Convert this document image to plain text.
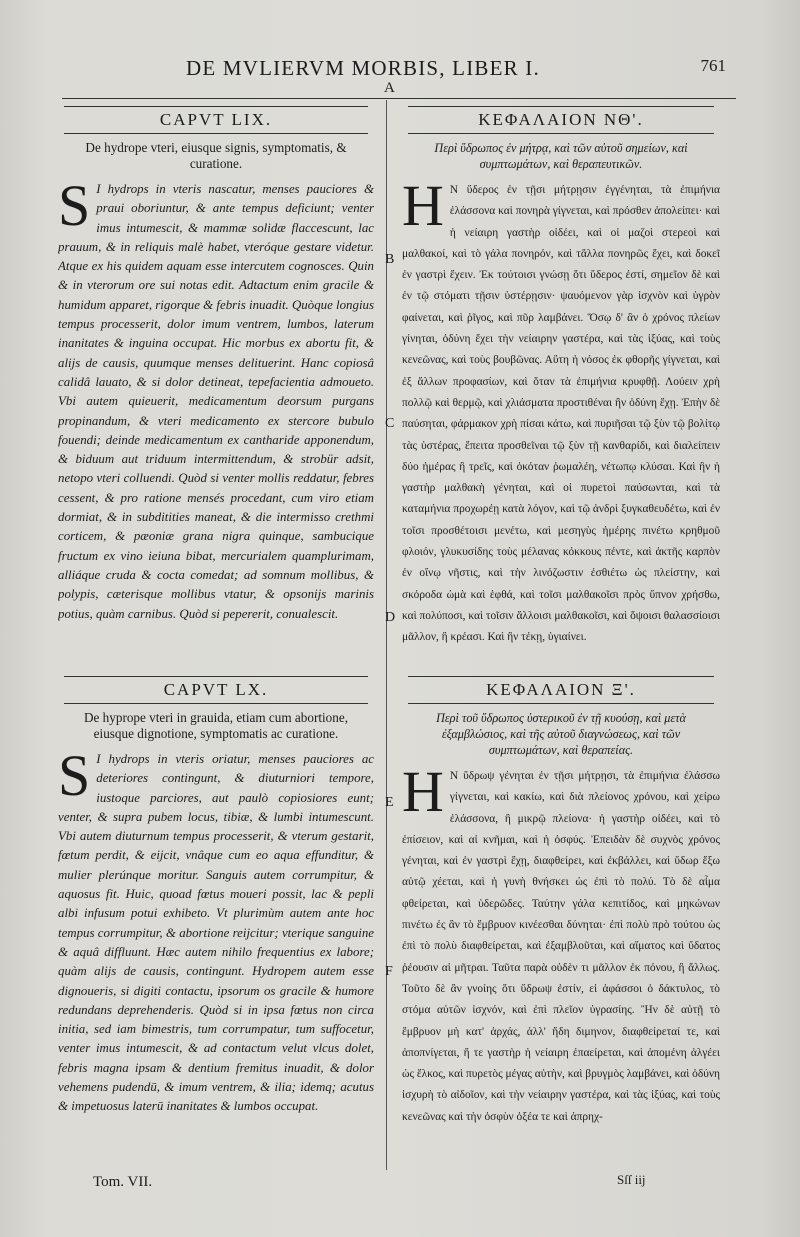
DE MVLIERVM MORBIS, LIBER I.	761
A
CAPVT LIX.
De hydrope vteri, eiusque signis, symptomatis, & curatione.

S I hydrops in vteris nascatur, menses pauciores & praui oboriuntur, & ante tempus deficiunt; venter imus intumescit, & mammæ solidæ flaccescunt, lac prauum, & in reliquis malè habet, vteróque gestare videtur. Atque ex his quidem aquam esse intercutem cognosces. Quin & in vterorum ore sui notas edit. Adtactum enim gracile & humidum apparet, rigorque & febris inuadit. Quòque longius tempus processerit, dolor imum ventrem, lumbos, laterum inanitates & inguina occupat. Hic morbus ex abortu fit, & alijs de causis, quumque menses delituerint. Hanc copiosâ calidâ lauato, & si dolor detineat, tepefacientia admoueto. Vbi autem quieuerit, medicamentum deorsum purgans propinandum, & vteri medicamento ex stercore bubulo fouendi; deinde medicamentum ex cantharide apponendum, & biduum aut triduum intermittendum, & strobür adsit, netopo vteri colluendi. Quòd si venter mollis reddatur, febres cessent, & pro ratione mensés procedant, cum viro etiam dormiat, & in subditities maneat, & die intermisso crethmi corticem, & pæoniæ grana nigra quinque, sambucique fructum ex vino ieiuna bibat, mercurialem quamplurimam, alliáque cruda & cocta comedat; ad somnum mollibus, & polypis, cæterisque mollibus vtatur, & opsonijs marinis potius, quàm carnibus. Quòd si pepererit, conualescit.

CAPVT LX.
De hyprope vteri in grauida, etiam cum abortione, eiusque dignotione, symptomatis ac curatione.

S I hydrops in vteris oriatur, menses pauciores ac deteriores contingunt, & diuturniori tempore, iustoque parciores, aut paulò copiosiores eunt; venter, & supra pubem locus, tibiæ, & lumbi intumescunt. Vbi autem diuturnum tempus processerit, & vterum gestarit, fœtum perdit, & eijcit, vnâque cum eo aqua effunditur, & mulier plerúnque moritur. Sanguis autem corrumpitur, & aquosus fit. Huic, quoad fœtus moueri possit, lac & pepli albi infusum potui exhibeto. Vt plurimùm autem ante hoc tempus corrumpitur, & abortione reijcitur; vterique sanguine & aquâ diffluunt. Hæc autem nihilo frequentius ex labore; quàm alijs de causis, contingunt. Hydropem autem esse dignoueris, si digiti contactu, ipsorum os gracile & humore redundans deprehenderis. Quòd si in ipsa fœtus non circa initia, sed iam bimestris, tum corrumpatur, tum suffocetur, venter imus intumescit, & ad contactum velut vlcus dolet, febris magna ipsam & dentium fremitus inuadit, & dolor vehemens pudendū, & imum ventrem, & ilia; idemq; acutus & impetuosus laterū inanitates & lumbos occupat.

ΚΕΦΑΛΑΙΟΝ ΝΘ'.
Περὶ ὕδρωπος ἐν μήτρᾳ, καὶ τῶν αὐτοῦ σημείων, καὶ συμπτωμάτων, καὶ θεραπευτικῶν.

Η Ν ὕδερος ἐν τῇσι μήτρῃσιν ἐγγένηται, τὰ ἐπιμήνια ἐλάσσονα καὶ πονηρὰ γίγνεται, καὶ πρόσθεν ἀπολείπει· καὶ ἡ νείαιρη γαστὴρ οἰδέει, καὶ οἱ μαζοὶ στερεοὶ καὶ μαλθακοί, καὶ τὸ γάλα πονηρόν, καὶ τἄλλα πονηρῶς ἔχει, καὶ δοκεῖ ἐν γαστρὶ ἔχειν. Ἐκ τούτοισι γνώσῃ ὅτι ὕδερος ἐστί, σημεῖον δὲ καὶ ἐν τῷ στόματι τῇσιν ὑστέρῃσιν· ψαυόμενον γὰρ ἰσχνὸν καὶ ὑγρὸν φαίνεται, καὶ ῥῖγος, καὶ πῦρ λαμβάνει. Ὅσῳ δ' ἂν ὁ χρόνος πλείων γίνηται, ὀδύνη ἔχει τὴν νείαιρην γαστέρα, καὶ τὰς ἰξύας, καὶ τοὺς κενεῶνας, καὶ τοὺς βουβῶνας. Αὕτη ἡ νόσος ἐκ φθορῆς γίγνεται, καὶ ἐξ ἄλλων προφασίων, καὶ ὅταν τὰ ἐπιμήνια κρυφθῇ. Λούειν χρὴ πολλῷ καὶ θερμῷ, καὶ χλιάσματα προστιθέναι ἢν ὀδύνη ἔχῃ. Ἐπὴν δὲ παύσηται, φάρμακον χρὴ πίσαι κάτω, καὶ πυριῆσαι τῷ ξὺν τῷ βολίτῳ τὰς ὑστέρας, ἔπειτα προσθεῖναι τῷ ξὺν τῇ κανθαρίδι, καὶ διαλείπειν δύο ἡμέρας ἢ τρεῖς, καὶ ὁκόταν ῥωμαλέη, νέτωπῳ κλύσαι. Καὶ ἢν ἡ γαστὴρ μαλθακὴ γένηται, καὶ οἱ πυρετοὶ παύσωνται, καὶ τὰ καταμήνια προχωρέῃ κατὰ λόγον, καὶ τῷ ἀνδρὶ ξυγκαθευδέτω, καὶ ἐν τοῖσι προσθέτοισι μενέτω, καὶ μεσηγὺς ἡμέρης πινέτω κρηθμοῦ φλοιόν, γλυκυσίδης τοὺς μέλανας κόκκους πέντε, καὶ ἀκτῆς καρπὸν ἐν οἴνῳ νῆστις, καὶ τὴν λινόζωστιν ἐσθιέτω ὡς πλείστην, καὶ σκόροδα ὠμὰ καὶ ἑφθά, καὶ τοῖσι μαλθακοῖσι πρὸς ὕπνον χρήσθω, καὶ πολύποσι, καὶ τοῖσιν ἄλλοισι μαλθακοῖσι, καὶ ὄψοισι θαλασσίοισι μᾶλλον, ἢ κρέασι. Καὶ ἢν τέκῃ, ὑγιαίνει.

ΚΕΦΑΛΑΙΟΝ Ξ'.
Περὶ τοῦ ὕδρωπος ὑστερικοῦ ἐν τῇ κυούσῃ, καὶ μετὰ ἐξαμβλώσιος, καὶ τῆς αὐτοῦ διαγνώσεως, καὶ τῶν συμπτωμάτων, καὶ θεραπείας.

Η Ν ὕδρωψ γένηται ἐν τῇσι μήτρῃσι, τὰ ἐπιμήνια ἐλάσσω γίγνεται, καὶ κακίω, καὶ διὰ πλείονος χρόνου, καὶ χείρω ἐλάσσονα, ἢ μικρῷ πλείονα· ἡ γαστὴρ οἰδέει, καὶ τὸ ἐπίσειον, καὶ αἱ κνῆμαι, καὶ ἡ ὀσφύς. Ἐπειδὰν δὲ συχνὸς χρόνος γένηται, καὶ ἐν γαστρὶ ἔχῃ, διαφθείρει, καὶ ἐκβάλλει, καὶ ὕδωρ ἔξω αὐτῷ χέεται, καὶ ἡ γυνὴ θνήσκει ὡς ἐπὶ τὸ πολύ. Τὸ δὲ αἷμα φθείρεται, καὶ ὑδερῶδες. Ταύτην γάλα κεπιτίδος, καὶ μηκώνων πινέτω ἐς ἂν τὸ ἔμβρυον κινέεσθαι δύνηται· ἐπὶ πολὺ πρὸ τούτου ὡς ἐπὶ τὸ πολὺ διαφθείρεται, καὶ ἐξαμβλοῦται, καὶ αἵματος καὶ ὕδατος ῥέουσιν αἱ μῆτραι. Ταῦτα παρὰ οὐδὲν τι μᾶλλον ἐκ πόνου, ἢ ἄλλως. Τοῦτο δὲ ἂν γνοίης ὅτι ὕδρωψ ἐστίν, εἰ ἀφάσσοι ὁ δάκτυλος, τὸ στόμα αὐτῶν ἰσχνόν, καὶ ἐπὶ πλεῖον ὑγρασίης. Ἢν δὲ αὐτῇ τὸ ἔμβρυον μὴ κατ' ἀρχάς, ἀλλ' ἤδη διμηνον, διαφθείρεταί τε, καὶ ἀποπνίγεται, ἥ τε γαστὴρ ἡ νείαιρη ἐπαείρεται, καὶ ἀπομένη ἀλγέει ὡς ἕλκος, καὶ πυρετὸς μέγας αὐτὴν, καὶ βρυγμὸς λαμβάνει, καὶ ὀδύνη ἰσχυρὴ τὸ αἰδοῖον, καὶ τὴν νείαιρην γαστέρα, καὶ τὰς ἰξύας, καὶ τοὺς κενεῶνας καὶ τὴν ὀσφὺν ὀξέα τε καὶ ἀπρηχ-

B
C
D
E
F
Tom. VII.	Sſſ iij
